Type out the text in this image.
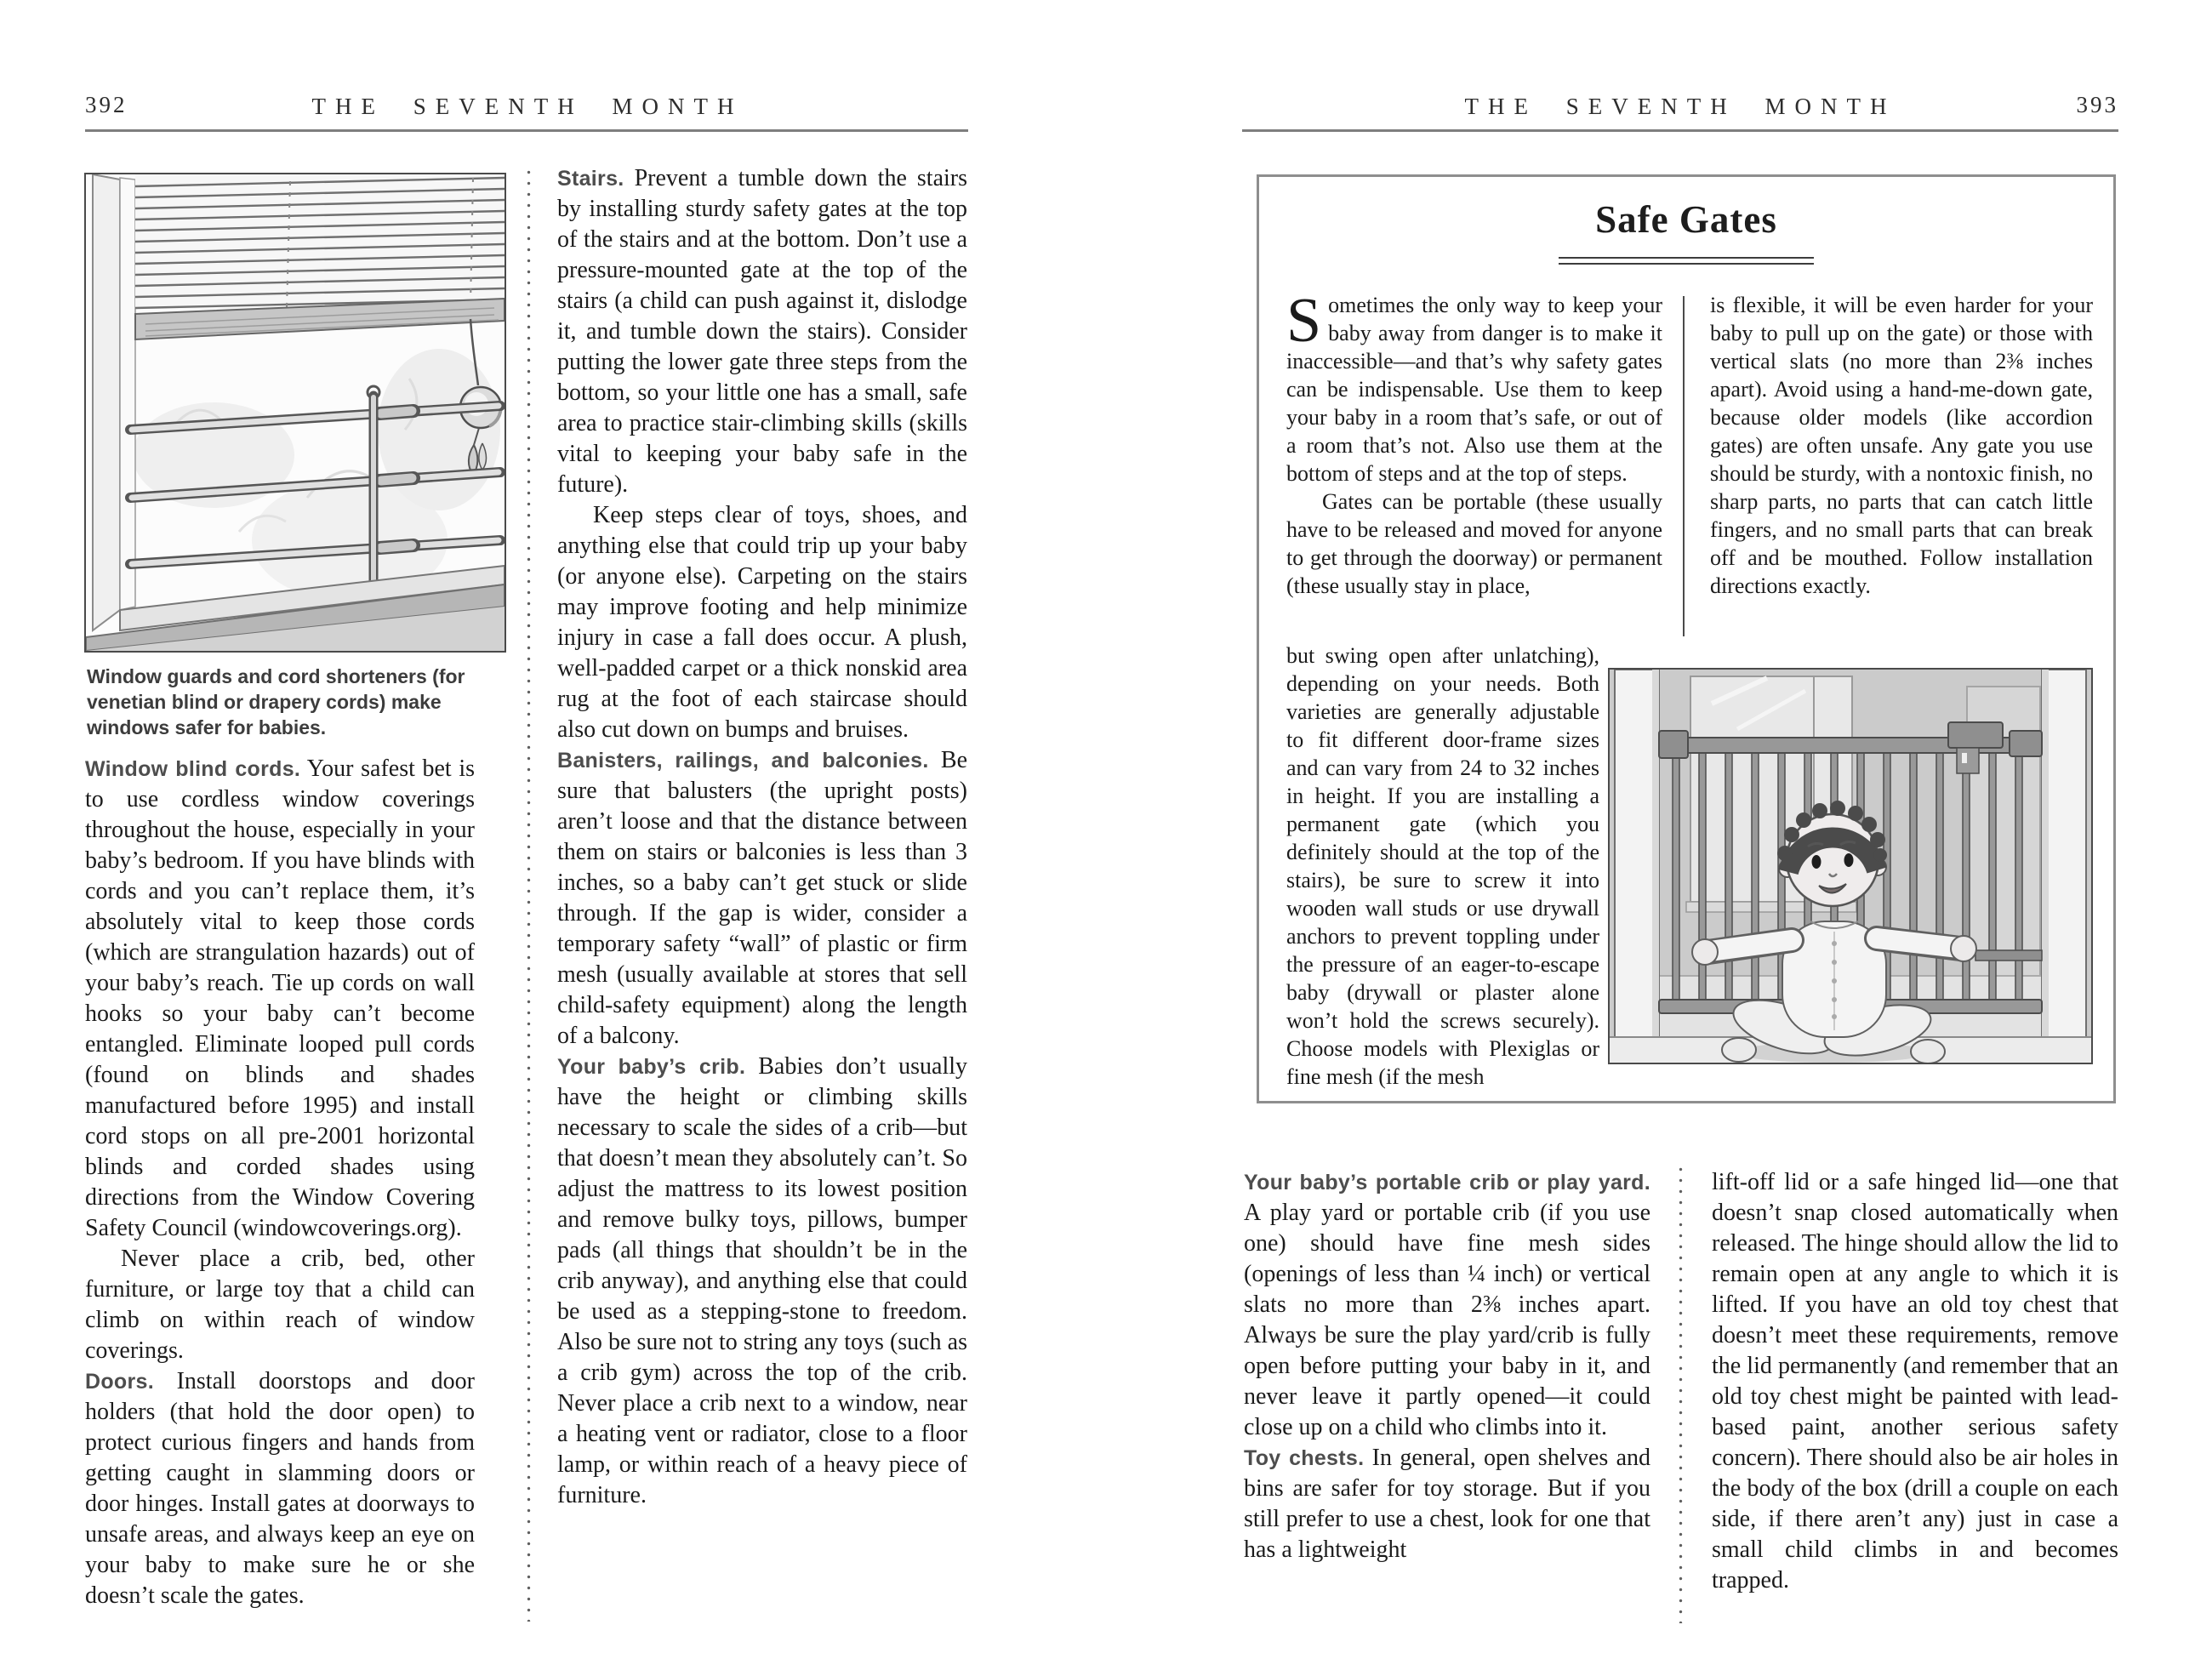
392	THE SEVENTH MONTH
Window guards and cord shorteners (for venetian blind or drapery cords) make windows safer for babies.

Window blind cords. Your safest bet is to use cordless window coverings throughout the house, especially in your baby’s bedroom. If you have blinds with cords and you can’t replace them, it’s absolutely vital to keep those cords (which are strangulation hazards) out of your baby’s reach. Tie up cords on wall hooks so your baby can’t become entangled. Eliminate looped pull cords (found on blinds and shades manufactured before 1995) and install cord stops on all pre-2001 horizontal blinds and corded shades using directions from the Window Covering Safety Council (windowcoverings.org).

Never place a crib, bed, other furniture, or large toy that a child can climb on within reach of window coverings.

Doors. Install doorstops and door holders (that hold the door open) to protect curious fingers and hands from getting caught in slamming doors or door hinges. Install gates at doorways to unsafe areas, and always keep an eye on your baby to make sure he or she doesn’t scale the gates.

Stairs. Prevent a tumble down the stairs by installing sturdy safety gates at the top of the stairs and at the bottom. Don’t use a pressure-mounted gate at the top of the stairs (a child can push against it, dislodge it, and tumble down the stairs). Consider putting the lower gate three steps from the bottom, so your little one has a small, safe area to practice stair-climbing skills (skills vital to keeping your baby safe in the future).

Keep steps clear of toys, shoes, and anything else that could trip up your baby (or anyone else). Carpeting on the stairs may improve footing and help minimize injury in case a fall does occur. A plush, well-padded carpet or a thick nonskid area rug at the foot of each staircase should also cut down on bumps and bruises.

Banisters, railings, and balconies. Be sure that balusters (the upright posts) aren’t loose and that the distance between them on stairs or balconies is less than 3 inches, so a baby can’t get stuck or slide through. If the gap is wider, consider a temporary safety “wall” of plastic or firm mesh (usually available at stores that sell child-safety equipment) along the length of a balcony.

Your baby’s crib. Babies don’t usually have the height or climbing skills necessary to scale the sides of a crib—but that doesn’t mean they absolutely can’t. So adjust the mattress to its lowest position and remove bulky toys, pillows, bumper pads (all things that shouldn’t be in the crib anyway), and anything else that could be used as a stepping-stone to freedom. Also be sure not to string any toys (such as a crib gym) across the top of the crib. Never place a crib next to a window, near a heating vent or radiator, close to a floor lamp, or within reach of a heavy piece of furniture.

THE SEVENTH MONTH	393
Safe Gates

Sometimes the only way to keep your baby away from danger is to make it inaccessible—and that’s why safety gates can be indispensable. Use them to keep your baby in a room that’s safe, or out of a room that’s not. Also use them at the bottom of steps and at the top of steps.

Gates can be portable (these usually have to be released and moved for anyone to get through the doorway) or permanent (these usually stay in place,

but swing open after unlatching), depending on your needs. Both varieties are generally adjustable to fit different door-frame sizes and can vary from 24 to 32 inches in height. If you are installing a permanent gate (which you definitely should at the top of the stairs), be sure to screw it into wooden wall studs or use drywall anchors to prevent toppling under the pressure of an eager-to-escape baby (drywall or plaster alone won’t hold the screws securely). Choose models with Plexiglas or fine mesh (if the mesh

is flexible, it will be even harder for your baby to pull up on the gate) or those with vertical slats (no more than 2⅜ inches apart). Avoid using a hand-me-down gate, because older models (like accordion gates) are often unsafe. Any gate you use should be sturdy, with a nontoxic finish, no sharp parts, no parts that can catch little fingers, and no small parts that can break off and be mouthed. Follow installation directions exactly.

Your baby’s portable crib or play yard. A play yard or portable crib (if you use one) should have fine mesh sides (openings of less than ¼ inch) or vertical slats no more than 2⅜ inches apart. Always be sure the play yard/crib is fully open before putting your baby in it, and never leave it partly opened—it could close up on a child who climbs into it.

Toy chests. In general, open shelves and bins are safer for toy storage. But if you still prefer to use a chest, look for one that has a lightweight

lift-off lid or a safe hinged lid—one that doesn’t snap closed automatically when released. The hinge should allow the lid to remain open at any angle to which it is lifted. If you have an old toy chest that doesn’t meet these requirements, remove the lid permanently (and remember that an old toy chest might be painted with lead-based paint, another serious safety concern). There should also be air holes in the body of the box (drill a couple on each side, if there aren’t any) just in case a small child climbs in and becomes trapped.
